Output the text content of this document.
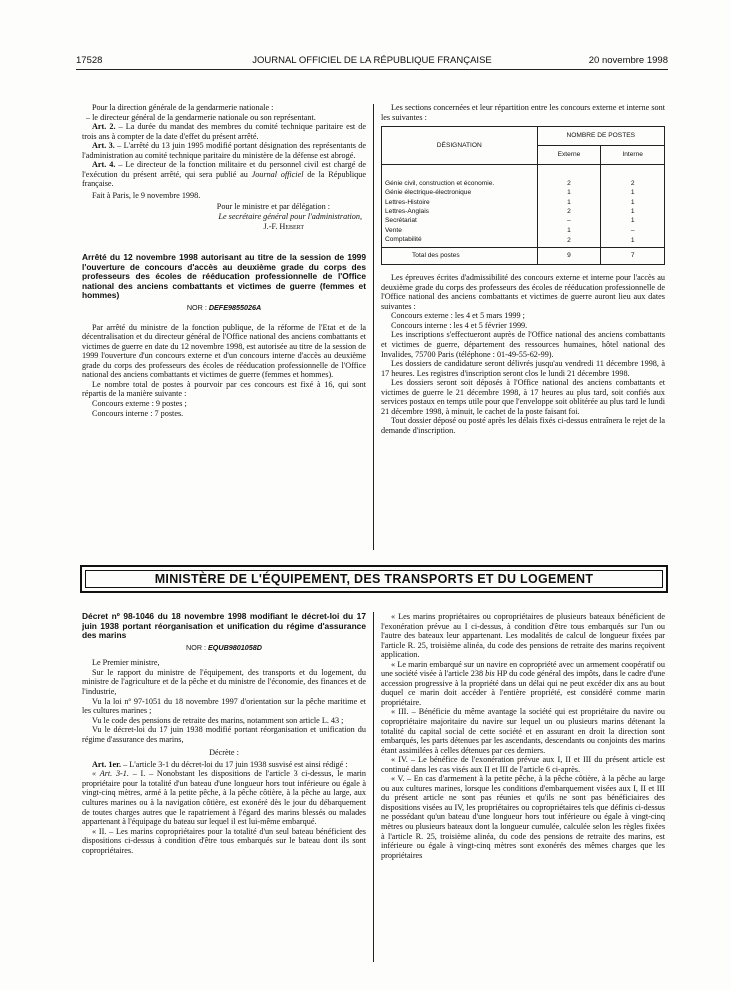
17528	JOURNAL OFFICIEL DE LA RÉPUBLIQUE FRANÇAISE	20 novembre 1998

Pour la direction générale de la gendarmerie nationale :

– le directeur général de la gendarmerie nationale ou son représentant.

Art. 2. – La durée du mandat des membres du comité technique paritaire est de trois ans à compter de la date d'effet du présent arrêté.

Art. 3. – L'arrêté du 13 juin 1995 modifié portant désignation des représentants de l'administration au comité technique paritaire du ministère de la défense est abrogé.

Art. 4. – Le directeur de la fonction militaire et du personnel civil est chargé de l'exécution du présent arrêté, qui sera publié au Journal officiel de la République française.

Fait à Paris, le 9 novembre 1998.

Pour le ministre et par délégation :

Le secrétaire général pour l'administration,

J.-F. Hebert

Arrêté du 12 novembre 1998 autorisant au titre de la session de 1999 l'ouverture de concours d'accès au deuxième grade du corps des professeurs des écoles de rééducation professionnelle de l'Office national des anciens combattants et victimes de guerre (femmes et hommes)

NOR : DEFE9855026A

Par arrêté du ministre de la fonction publique, de la réforme de l'Etat et de la décentralisation et du directeur général de l'Office national des anciens combattants et victimes de guerre en date du 12 novembre 1998, est autorisée au titre de la session de 1999 l'ouverture d'un concours externe et d'un concours interne d'accès au deuxième grade du corps des professeurs des écoles de rééducation professionnelle de l'Office national des anciens combattants et victimes de guerre (femmes et hommes).

Le nombre total de postes à pourvoir par ces concours est fixé à 16, qui sont répartis de la manière suivante :

Concours externe : 9 postes ;

Concours interne : 7 postes.

Les sections concernées et leur répartition entre les concours externe et interne sont les suivantes :

DÉSIGNATION	NOMBRE DE POSTES	
	Externe	Interne

Génie civil, construction et économie.	2	2
Génie électrique-électronique	1	1
Lettres-Histoire	1	1
Lettres-Anglais	2	1
Secrétariat	–	1
Vente	1	–
Comptabilité	2	1
Total des postes	9	7

Les épreuves écrites d'admissibilité des concours externe et interne pour l'accès au deuxième grade du corps des professeurs des écoles de rééducation professionnelle de l'Office national des anciens combattants et victimes de guerre auront lieu aux dates suivantes :

Concours externe : les 4 et 5 mars 1999 ;

Concours interne : les 4 et 5 février 1999.

Les inscriptions s'effectueront auprès de l'Office national des anciens combattants et victimes de guerre, département des ressources humaines, hôtel national des Invalides, 75700 Paris (téléphone : 01-49-55-62-99).

Les dossiers de candidature seront délivrés jusqu'au vendredi 11 décembre 1998, à 17 heures. Les registres d'inscription seront clos le lundi 21 décembre 1998.

Les dossiers seront soit déposés à l'Office national des anciens combattants et victimes de guerre le 21 décembre 1998, à 17 heures au plus tard, soit confiés aux services postaux en temps utile pour que l'enveloppe soit oblitérée au plus tard le lundi 21 décembre 1998, à minuit, le cachet de la poste faisant foi.

Tout dossier déposé ou posté après les délais fixés ci-dessus entraînera le rejet de la demande d'inscription.

MINISTÈRE DE L'ÉQUIPEMENT, DES TRANSPORTS ET DU LOGEMENT

Décret nº 98-1046 du 18 novembre 1998 modifiant le décret-loi du 17 juin 1938 portant réorganisation et unification du régime d'assurance des marins

NOR : EQUB9801058D

Le Premier ministre,

Sur le rapport du ministre de l'équipement, des transports et du logement, du ministre de l'agriculture et de la pêche et du ministre de l'économie, des finances et de l'industrie,

Vu la loi nº 97-1051 du 18 novembre 1997 d'orientation sur la pêche maritime et les cultures marines ;

Vu le code des pensions de retraite des marins, notamment son article L. 43 ;

Vu le décret-loi du 17 juin 1938 modifié portant réorganisation et unification du régime d'assurance des marins,

Décrète :

Art. 1er. – L'article 3-1 du décret-loi du 17 juin 1938 susvisé est ainsi rédigé :

« Art. 3-1. – I. – Nonobstant les dispositions de l'article 3 ci-dessus, le marin propriétaire pour la totalité d'un bateau d'une longueur hors tout inférieure ou égale à vingt-cinq mètres, armé à la petite pêche, à la pêche côtière, à la pêche au large, aux cultures marines ou à la navigation côtière, est exonéré dès le jour du débarquement de toutes charges autres que le rapatriement à l'égard des marins blessés ou malades appartenant à l'équipage du bateau sur lequel il est lui-même embarqué.

« II. – Les marins copropriétaires pour la totalité d'un seul bateau bénéficient des dispositions ci-dessus à condition d'être tous embarqués sur le bateau dont ils sont copropriétaires.

« Les marins propriétaires ou copropriétaires de plusieurs bateaux bénéficient de l'exonération prévue au I ci-dessus, à condition d'être tous embarqués sur l'un ou l'autre des bateaux leur appartenant. Les modalités de calcul de longueur fixées par l'article R. 25, troisième alinéa, du code des pensions de retraite des marins reçoivent application.

« Le marin embarqué sur un navire en copropriété avec un armement coopératif ou une société visée à l'article 238 bis HP du code général des impôts, dans le cadre d'une accession progressive à la propriété dans un délai qui ne peut excéder dix ans au bout duquel ce marin doit accéder à l'entière propriété, est considéré comme marin propriétaire.

« III. – Bénéficie du même avantage la société qui est propriétaire du navire ou copropriétaire majoritaire du navire sur lequel un ou plusieurs marins détenant la totalité du capital social de cette société et en assurant en droit la direction sont embarqués, les parts détenues par les ascendants, descendants ou conjoints des marins étant assimilées à celles détenues par ces derniers.

« IV. – Le bénéfice de l'exonération prévue aux I, II et III du présent article est continué dans les cas visés aux II et III de l'article 6 ci-après.

« V. – En cas d'armement à la petite pêche, à la pêche côtière, à la pêche au large ou aux cultures marines, lorsque les conditions d'embarquement visées aux I, II et III du présent article ne sont pas réunies et qu'ils ne sont pas bénéficiaires des dispositions visées au IV, les propriétaires ou copropriétaires tels que définis ci-dessus ne possédant qu'un bateau d'une longueur hors tout inférieure ou égale à vingt-cinq mètres ou plusieurs bateaux dont la longueur cumulée, calculée selon les règles fixées à l'article R. 25, troisième alinéa, du code des pensions de retraite des marins, est inférieure ou égale à vingt-cinq mètres sont exonérés des mêmes charges que les propriétaires
